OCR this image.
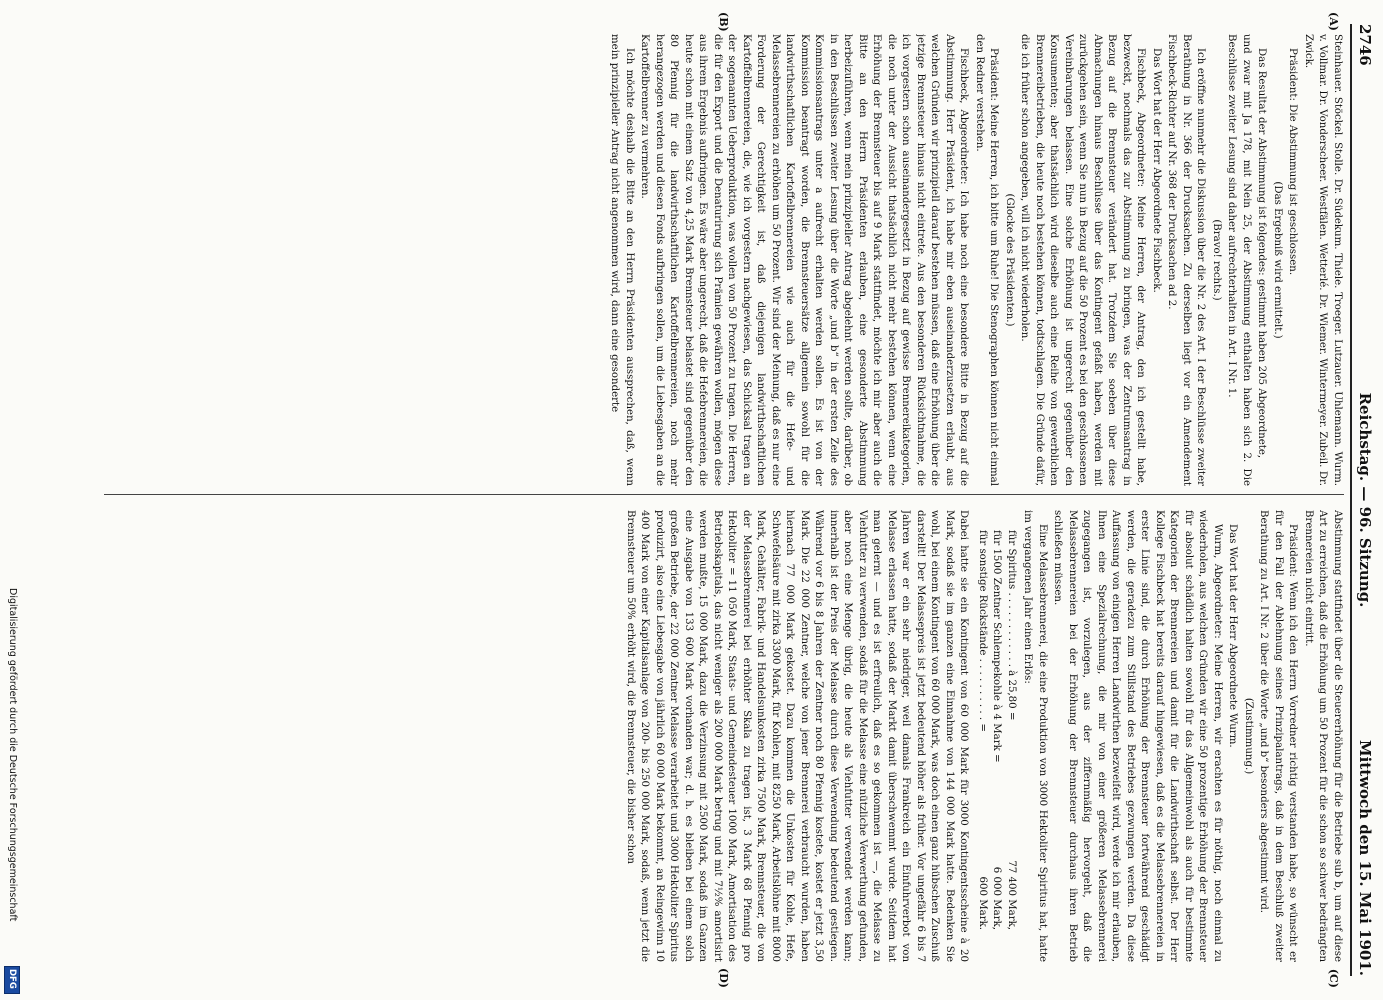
2746
Reichstag. — 96. Sitzung.
Mittwoch den 15. Mai 1901.
(A)
(B)
(C)
(D)

Steinhauer. Stöckel. Stolle. Dr. Südekum. Thiele. Troeger. Lutzauer. Uhlemann. Wurm. v. Vollmar. Dr. Vonderscheer. Westfälen. Wetterlé. Dr. Wiemer. Wintermeyer. Zubeil. Dr. Zwick.

Präsident: Die Abstimmung ist geschlossen.

(Das Ergebniß wird ermittelt.)

Das Resultat der Abstimmung ist folgendes: gestimmt haben 205 Abgeordnete,

und zwar mit Ja 178, mit Nein 25, der Abstimmung enthalten haben sich 2. Die Beschlüsse zweiter Lesung sind daher aufrechterhalten in Art. I Nr. 1.

(Bravo! rechts.)

Ich eröffne nunmehr die Diskussion über die Nr. 2 des Art. I der Beschlüsse zweiter Berathung in Nr. 366 der Drucksachen. Zu derselben liegt vor ein Amendement Fischbeck-Richter auf Nr. 368 der Drucksachen ad 2.

Das Wort hat der Herr Abgeordnete Fischbeck.

Fischbeck, Abgeordneter: Meine Herren, der Antrag, den ich gestellt habe, bezweckt, nochmals das zur Abstimmung zu bringen, was der Zentrumsantrag in Bezug auf die Brennsteuer verändert hat. Trotzdem Sie soeben über diese Abmachungen hinaus Beschlüsse über das Kontingent gefaßt haben, werden mit zurückgehen sein, wenn Sie nun in Bezug auf die 50 Prozent es bei den geschlossenen Vereinbarungen belassen. Eine solche Erhöhung ist ungerecht gegenüber den Konsumenten; aber thatsächlich wird dieselbe auch eine Reihe von gewerblichen Brennereibetrieben, die heute noch bestehen können, todtschlagen. Die Gründe dafür, die ich früher schon angegeben, will ich nicht wiederholen.

(Glocke des Präsidenten.)

Präsident: Meine Herren, ich bitte um Ruhe! Die Stenographen können nicht einmal den Redner verstehen.

Fischbeck, Abgeordneter: Ich habe noch eine besondere Bitte in Bezug auf die Abstimmung. Herr Präsident, ich habe mir eben auseinanderzusetzen erlaubt, aus welchen Gründen wir prinzipiell darauf bestehen müssen, daß eine Erhöhung über die jetzige Brennsteuer hinaus nicht eintrete. Aus den besonderen Rücksichtnahme, die ich vorgestern schon auseinandergesetzt in Bezug auf gewisse Brennereikategorien, die noch unter der Aussicht thatsächlich nicht mehr bestehen können, wenn eine Erhöhung der Brennsteuer bis auf 9 Mark stattfindet, möchte ich mir aber auch die Bitte an den Herrn Präsidenten erlauben, eine gesonderte Abstimmung herbeizuführen, wenn mein prinzipieller Antrag abgelehnt werden sollte, darüber, ob in den Beschlüssen zweiter Lesung über die Worte „und b“ in der ersten Zeile des Kommissionsantrags unter a aufrecht erhalten werden sollen. Es ist von der Kommission beantragt worden, die Brennsteuersätze allgemein sowohl für die landwirthschaftlichen Kartoffelbrennereien wie auch für die Hefe- und Melassebrennereien zu erhöhen um 50 Prozent. Wir sind der Meinung, daß es nur eine Forderung der Gerechtigkeit ist, daß diejenigen landwirthschaftlichen Kartoffelbrennereien, die, wie ich vorgestern nachgewiesen, das Schicksal tragen an der sogenannten Ueberproduktion, was wollen von 50 Prozent zu tragen. Die Herren, die für den Export und die Denaturirung sich Prämien gewähren wollen, mögen diese aus ihrem Ergebnis aufbringen. Es wäre aber ungerecht, daß die Hefebrennereien, die heute schon mit einem Satz von 4,25 Mark Brennsteuer belastet sind gegenüber den 80 Pfennig für die landwirthschaftlichen Kartoffelbrennereien, noch mehr herangezogen werden und diesen Fonds aufbringen sollen, um die Liebesgaben an die Kartoffelbrenner zu vermehren.

Ich möchte deshalb die Bitte an den Herrn Präsidenten aussprechen, daß, wenn mein prinzipieller Antrag nicht angenommen wird, dann eine gesonderte

Abstimmung stattfindet über die Steuererhöhung für die Betriebe sub b, um auf diese Art zu erreichen, daß die Erhöhung um 50 Prozent für die schon so schwer bedrängten Brennereien nicht eintritt.

Präsident: Wenn ich den Herrn Vorredner richtig verstanden habe, so wünscht er für den Fall der Ablehnung seines Prinzipalantrags, daß in dem Beschluß zweiter Berathung zu Art. I Nr. 2 über die Worte „und b“ besonders abgestimmt wird.

(Zustimmung.)

Das Wort hat der Herr Abgeordnete Wurm.

Wurm, Abgeordneter: Meine Herren, wir erachten es für nöthig, noch einmal zu wiederholen, aus welchen Gründen wir eine 50 prozentige Erhöhung der Brennsteuer für absolut schädlich halten sowohl für das Allgemeinwohl als auch für bestimmte Kategorien der Brennereien und damit für die Landwirthschaft selbst. Der Herr Kollege Fischbeck hat bereits darauf hingewiesen, daß es die Melassebrennereien in erster Linie sind, die durch Erhöhung der Brennsteuer fortwährend geschädigt werden, die geradezu zum Stillstand des Betriebes gezwungen werden. Da diese Auffassung von einigen Herren Landwirthen bezweifelt wird, werde ich mir erlauben, Ihnen eine Spezialrechnung, die mir von einer größeren Melassebrennerei zugegangen ist, vorzulegen, aus der ziffernmäßig hervorgeht, daß die Melassebrennereien bei der Erhöhung der Brennsteuer durchaus ihren Betrieb schließen müssen.

Eine Melassebrennerei, die eine Produktion von 3000 Hektoliter Spiritus hat, hatte im vergangenen Jahr einen Erlös:

für Spiritus . . . . . . . . . . . . à 25,80 =
77 400 Mark,
für 1500 Zentner Schlempekohle à 4 Mark =
6 000 Mark,
für sonstige Rückstände . . . . . . . . . . =
600 Mark.

Dabei hatte sie ein Kontingent von 60 000 Mark für 3000 Kontingentsscheine à 20 Mark, sodaß sie im ganzen eine Einnahme von 144 000 Mark hatte. Bedenken Sie wohl, bei einem Kontingent von 60 000 Mark, was doch einen ganz hübschen Zuschuß darstellt! Der Melassepreis ist jetzt bedeutend höher als früher. Vor ungefähr 6 bis 7 Jahren war er ein sehr niedriger, weil damals Frankreich ein Einfuhrverbot von Melasse erlassen hatte, sodaß der Markt damit überschwemmt wurde. Seitdem hat man gelernt — und es ist erfreulich, daß es so gekommen ist —, die Melasse zu Viehfutter zu verwenden, sodaß für die Melasse eine nützliche Verwerthung gefunden, aber noch eine Menge übrig, die heute als Viehfutter verwendet werden kann; innerhalb ist der Preis der Melasse durch diese Verwendung bedeutend gestiegen. Während vor 6 bis 8 Jahren der Zentner noch 80 Pfennig kostete, kostet er jetzt 3,50 Mark. Die 22 000 Zentner, welche von jener Brennerei verbraucht wurden, haben hiernach 77 000 Mark gekostet. Dazu kommen die Unkosten für Kohle, Hefe, Schwefelsäure mit zirka 3300 Mark, für Kohlen, mit 8250 Mark, Arbeitslöhne mit 8000 Mark, Gehälter, Fabrik- und Handelsunkosten zirka 7500 Mark, Brennsteuer, die von der Melassebrennerei bei erhöhter Skala zu tragen ist, 3 Mark 68 Pfennig pro Hektoliter = 11 050 Mark, Staats- und Gemeindesteuer 1000 Mark, Amortisation des Betriebskapitals, das nicht weniger als 200 000 Mark betrug und mit 7½% amortisirt werden mußte, 15 000 Mark, dazu die Verzinsung mit 2500 Mark, sodaß im Ganzen eine Ausgabe von 133 600 Mark vorhanden war; d. h. es bleiben bei einem solch großen Betriebe, der 22 000 Zentner Melasse verarbeitet und 3000 Hektoliter Spiritus produzirt, also eine Liebesgabe von jährlich 60 000 Mark bekommt, an Reingewinn 10 400 Mark von einer Kapitalsanlage von 200- bis 250 000 Mark, sodaß, wenn jetzt die Brennsteuer um 50% erhöht wird, die Brennsteuer, die bisher schon

Digitalisierung gefördert durch die Deutsche Forschungsgemeinschaft
DFG
